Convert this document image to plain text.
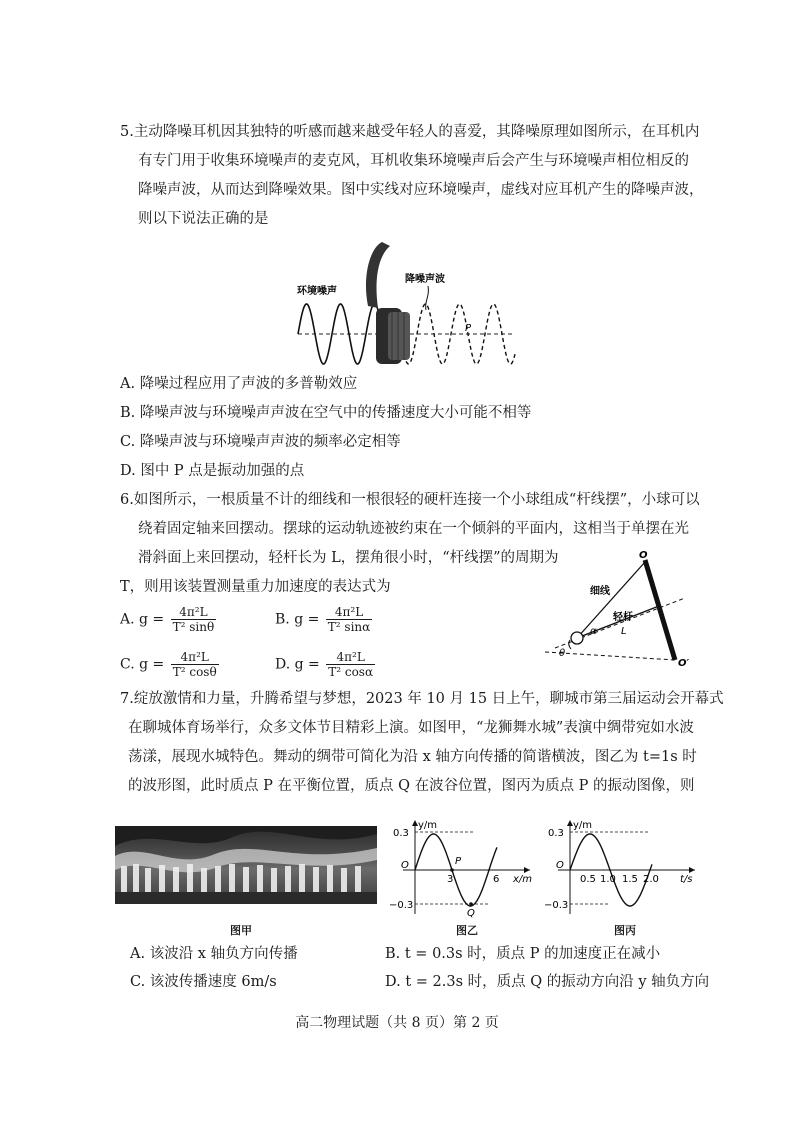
5.主动降噪耳机因其独特的听感而越来越受年轻人的喜爱，其降噪原理如图所示，在耳机内
有专门用于收集环境噪声的麦克风，耳机收集环境噪声后会产生与环境噪声相位相反的
降噪声波，从而达到降噪效果。图中实线对应环境噪声，虚线对应耳机产生的降噪声波，
则以下说法正确的是
环境噪声
降噪声波
P
A. 降噪过程应用了声波的多普勒效应
B. 降噪声波与环境噪声声波在空气中的传播速度大小可能不相等
C. 降噪声波与环境噪声声波的频率必定相等
D. 图中 P 点是振动加强的点
6.如图所示，一根质量不计的细线和一根很轻的硬杆连接一个小球组成“杆线摆”，小球可以
绕着固定轴来回摆动。摆球的运动轨迹被约束在一个倾斜的平面内，这相当于单摆在光
滑斜面上来回摆动，轻杆长为 L，摆角很小时，“杆线摆”的周期为
T，则用该装置测量重力加速度的表达式为
A. $g = \frac{\text{4π²L}}{\text{T² sinθ}}$	B. $g = \frac{\text{4π²L}}{\text{T² sinα}}$
C. $g = \frac{\text{4π²L}}{\text{T² cosθ}}$	D. $g = \frac{\text{4π²L}}{\text{T² cosα}}$
O
O′
细线
轻杆
α L
θ
7.绽放激情和力量，升腾希望与梦想，2023 年 10 月 15 日上午，聊城市第三届运动会开幕式
在聊城体育场举行，众多文体节目精彩上演。如图甲，“龙狮舞水城”表演中绸带宛如水波
荡漾，展现水城特色。舞动的绸带可简化为沿 x 轴方向传播的简谐横波，图乙为 t=1s 时
的波形图，此时质点 P 在平衡位置，质点 Q 在波谷位置，图丙为质点 P 的振动图像，则
图甲
y/m
0.3
−0.3
O
3	6 x/m
P
Q
图乙
y/m
0.3
−0.3
O
0.5 1.0 1.5 2.0 t/s
图丙
A. 该波沿 x 轴负方向传播	B. t = 0.3s 时，质点 P 的加速度正在减小
C. 该波传播速度 6m/s	D. t = 2.3s 时，质点 Q 的振动方向沿 y 轴负方向
高二物理试题（共 8 页）第 2 页
